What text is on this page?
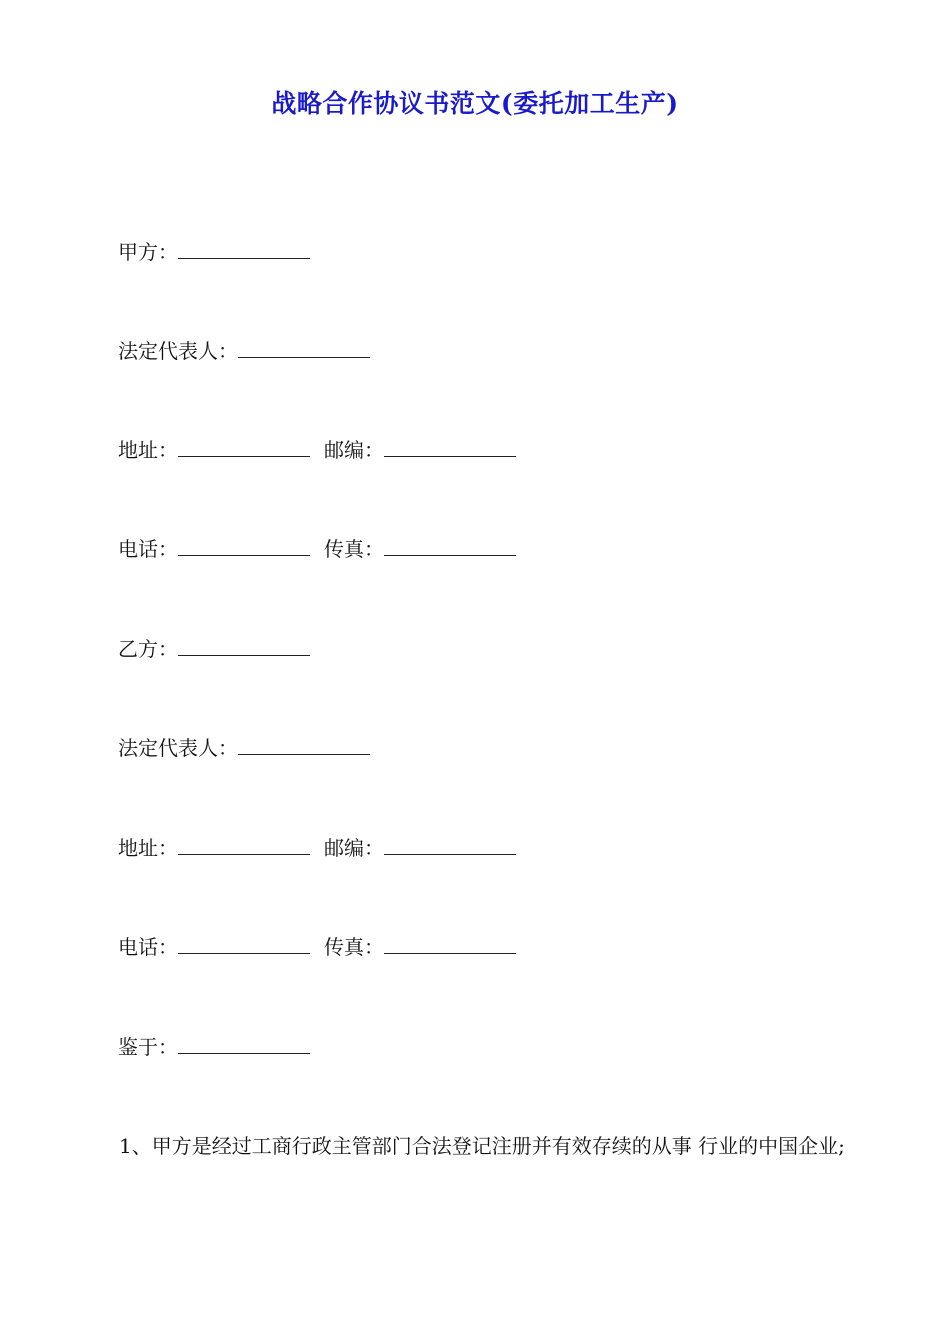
战略合作协议书范文(委托加工生产)
甲方：
法定代表人：
地址：	邮编：
电话：	传真：
乙方：
法定代表人：
地址：	邮编：
电话：	传真：
鉴于：
1、甲方是经过工商行政主管部门合法登记注册并有效存续的从事 行业的中国企业;
